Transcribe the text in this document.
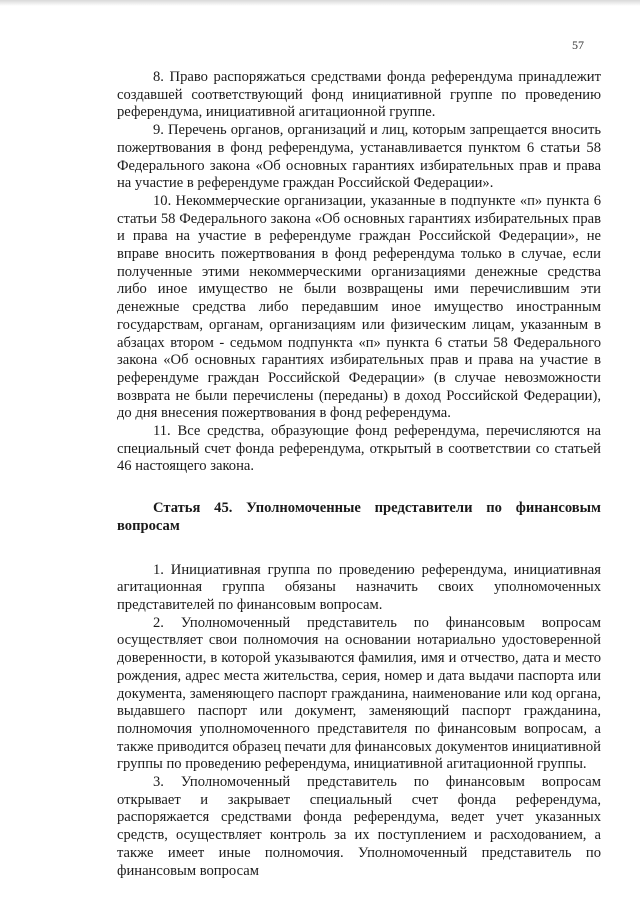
57

8. Право распоряжаться средствами фонда референдума принадлежит создавшей соответствующий фонд инициативной группе по проведению референдума, инициативной агитационной группе.

9. Перечень органов, организаций и лиц, которым запрещается вносить пожертвования в фонд референдума, устанавливается пунктом 6 статьи 58 Федерального закона «Об основных гарантиях избирательных прав и права на участие в референдуме граждан Российской Федерации».

10. Некоммерческие организации, указанные в подпункте «п» пункта 6 статьи 58 Федерального закона «Об основных гарантиях избирательных прав и права на участие в референдуме граждан Российской Федерации», не вправе вносить пожертвования в фонд референдума только в случае, если полученные этими некоммерческими организациями денежные средства либо иное имущество не были возвращены ими перечислившим эти денежные средства либо передавшим иное имущество иностранным государствам, органам, организациям или физическим лицам, указанным в абзацах втором - седьмом подпункта «п» пункта 6 статьи 58 Федерального закона «Об основных гарантиях избирательных прав и права на участие в референдуме граждан Российской Федерации» (в случае невозможности возврата не были перечислены (переданы) в доход Российской Федерации), до дня внесения пожертвования в фонд референдума.

11. Все средства, образующие фонд референдума, перечисляются на специальный счет фонда референдума, открытый в соответствии со статьей 46 настоящего закона.

Статья 45. Уполномоченные представители по финансовым вопросам

1. Инициативная группа по проведению референдума, инициативная агитационная группа обязаны назначить своих уполномоченных представителей по финансовым вопросам.

2. Уполномоченный представитель по финансовым вопросам осуществляет свои полномочия на основании нотариально удостоверенной доверенности, в которой указываются фамилия, имя и отчество, дата и место рождения, адрес места жительства, серия, номер и дата выдачи паспорта или документа, заменяющего паспорт гражданина, наименование или код органа, выдавшего паспорт или документ, заменяющий паспорт гражданина, полномочия уполномоченного представителя по финансовым вопросам, а также приводится образец печати для финансовых документов инициативной группы по проведению референдума, инициативной агитационной группы.

3. Уполномоченный представитель по финансовым вопросам открывает и закрывает специальный счет фонда референдума, распоряжается средствами фонда референдума, ведет учет указанных средств, осуществляет контроль за их поступлением и расходованием, а также имеет иные полномочия. Уполномоченный представитель по финансовым вопросам
